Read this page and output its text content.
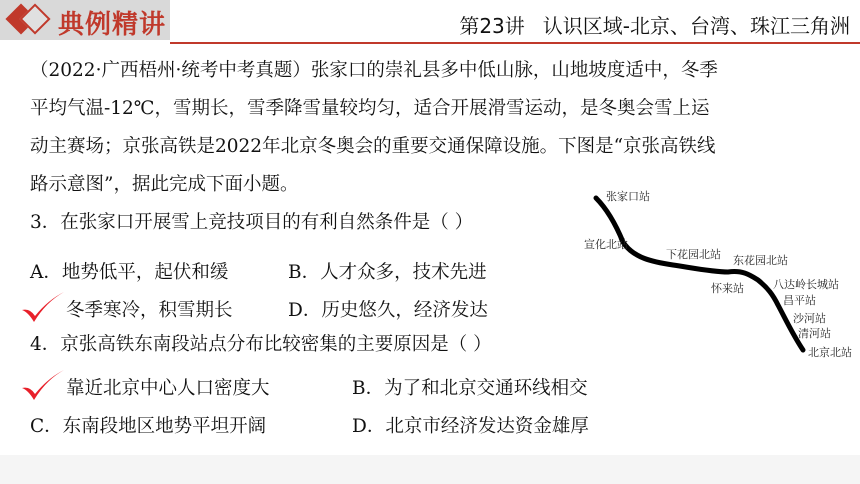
典例精讲	第23讲 认识区域-北京、台湾、珠江三角洲
（2022·广西梧州·统考中考真题）张家口的崇礼县多中低山脉，山地坡度适中，冬季
平均气温-12℃，雪期长，雪季降雪量较均匀，适合开展滑雪运动，是冬奥会雪上运
动主赛场；京张高铁是2022年北京冬奥会的重要交通保障设施。下图是“京张高铁线
路示意图”，据此完成下面小题。
3．在张家口开展雪上竞技项目的有利自然条件是（ ）
A．地势低平，起伏和缓	B．人才众多，技术先进
冬季寒冷，积雪期长	D．历史悠久，经济发达
4．京张高铁东南段站点分布比较密集的主要原因是（ ）
靠近北京中心人口密度大	B．为了和北京交通环线相交
C．东南段地区地势平坦开阔	D．北京市经济发达资金雄厚
张家口站
宣化北站
下花园北站 东花园北站
怀来站	八达岭长城站
昌平站
沙河站
清河站
北京北站
